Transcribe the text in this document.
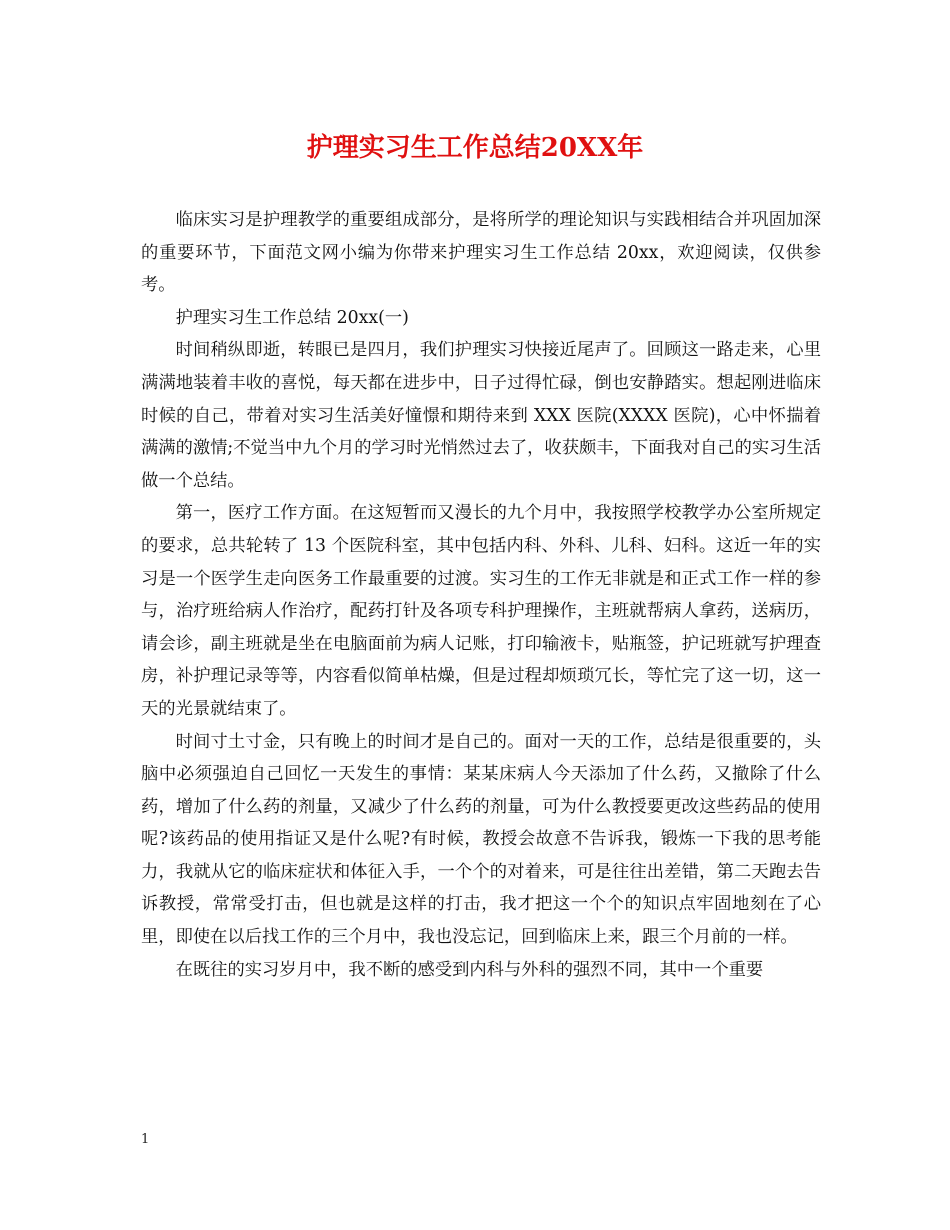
护理实习生工作总结20XX年

临床实习是护理教学的重要组成部分，是将所学的理论知识与实践相结合并巩固加深的重要环节，下面范文网小编为你带来护理实习生工作总结 20xx，欢迎阅读，仅供参考。

护理实习生工作总结 20xx(一)

时间稍纵即逝，转眼已是四月，我们护理实习快接近尾声了。回顾这一路走来，心里满满地装着丰收的喜悦，每天都在进步中，日子过得忙碌，倒也安静踏实。想起刚进临床时候的自己，带着对实习生活美好憧憬和期待来到 XXX 医院(XXXX 医院)，心中怀揣着满满的激情;不觉当中九个月的学习时光悄然过去了，收获颇丰，下面我对自己的实习生活做一个总结。

第一，医疗工作方面。在这短暂而又漫长的九个月中，我按照学校教学办公室所规定的要求，总共轮转了 13 个医院科室，其中包括内科、外科、儿科、妇科。这近一年的实习是一个医学生走向医务工作最重要的过渡。实习生的工作无非就是和正式工作一样的参与，治疗班给病人作治疗，配药打针及各项专科护理操作，主班就帮病人拿药，送病历，请会诊，副主班就是坐在电脑面前为病人记账，打印输液卡，贴瓶签，护记班就写护理查房，补护理记录等等，内容看似简单枯燥，但是过程却烦琐冗长，等忙完了这一切，这一天的光景就结束了。

时间寸土寸金，只有晚上的时间才是自己的。面对一天的工作，总结是很重要的，头脑中必须强迫自己回忆一天发生的事情：某某床病人今天添加了什么药，又撤除了什么药，增加了什么药的剂量，又减少了什么药的剂量，可为什么教授要更改这些药品的使用呢?该药品的使用指证又是什么呢?有时候，教授会故意不告诉我，锻炼一下我的思考能力，我就从它的临床症状和体征入手，一个个的对着来，可是往往出差错，第二天跑去告诉教授，常常受打击，但也就是这样的打击，我才把这一个个的知识点牢固地刻在了心里，即使在以后找工作的三个月中，我也没忘记，回到临床上来，跟三个月前的一样。

在既往的实习岁月中，我不断的感受到内科与外科的强烈不同，其中一个重要

1
